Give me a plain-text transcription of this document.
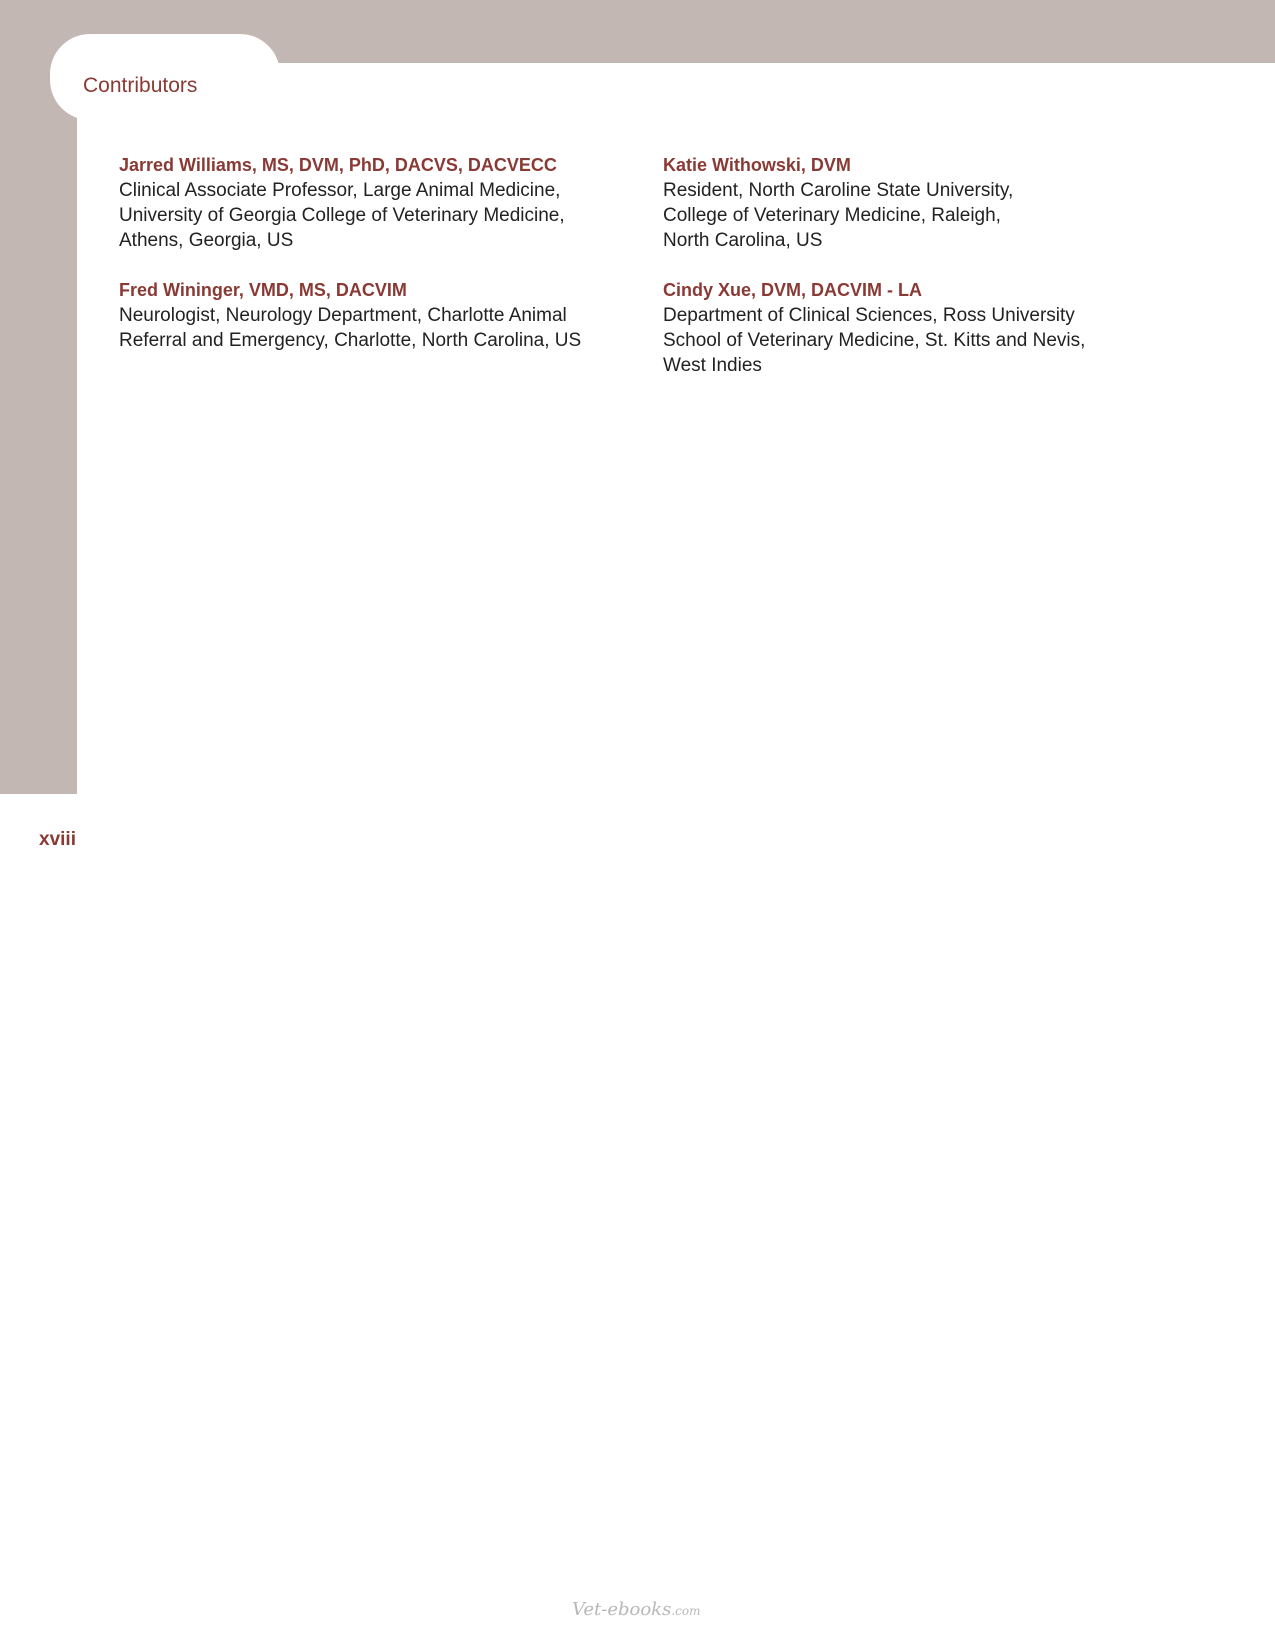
Contributors
Jarred Williams, MS, DVM, PhD, DACVS, DACVECC
Clinical Associate Professor, Large Animal Medicine,
University of Georgia College of Veterinary Medicine,
Athens, Georgia, US
Fred Wininger, VMD, MS, DACVIM
Neurologist, Neurology Department, Charlotte Animal
Referral and Emergency, Charlotte, North Carolina, US
Katie Withowski, DVM
Resident, North Caroline State University,
College of Veterinary Medicine, Raleigh,
North Carolina, US
Cindy Xue, DVM, DACVIM - LA
Department of Clinical Sciences, Ross University
School of Veterinary Medicine, St. Kitts and Nevis,
West Indies
xviii
Vet-ebooks.com
